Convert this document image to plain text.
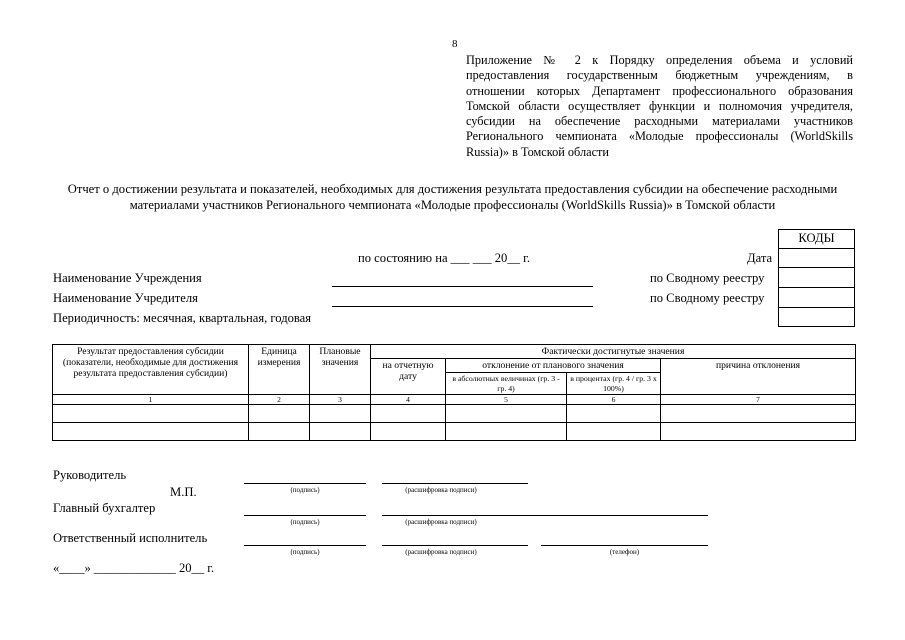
8
Приложение № 2 к Порядку определения объема и условий предоставления государственным бюджетным учреждениям, в отношении которых Департамент профессионального образования Томской области осуществляет функции и полномочия учредителя, субсидии на обеспечение расходными материалами участников Регионального чемпионата «Молодые профессионалы (WorldSkills Russia)» в Томской области
Отчет о достижении результата и показателей, необходимых для достижения результата предоставления субсидии на обеспечение расходными материалами участников Регионального чемпионата «Молодые профессионалы (WorldSkills Russia)» в Томской области
КОДЫ
по состоянию на ___ ___ 20__ г.	Дата
Наименование Учреждения	по Сводному реестру
Наименование Учредителя	по Сводному реестру
Периодичность: месячная, квартальная, годовая
Результат предоставления субсидии (показатели, необходимые для достижения результата предоставления субсидии)	Единица измерения	Плановые значения	Фактически достигнутые значения			
			на отчетную дату	отклонение от планового значения		причина отклонения
				в абсолютных величинах (гр. 3 - гр. 4)	в процентах (гр. 4 / гр. 3 х 100%)	
1	2	3	4	5	6	7

Руководитель
М.П.	(подпись)	(расшифровка подписи)
Главный бухгалтер
(подпись)	(расшифровка подписи)
Ответственный исполнитель
(подпись)	(расшифровка подписи)	(телефон)
«____» _____________ 20__ г.
